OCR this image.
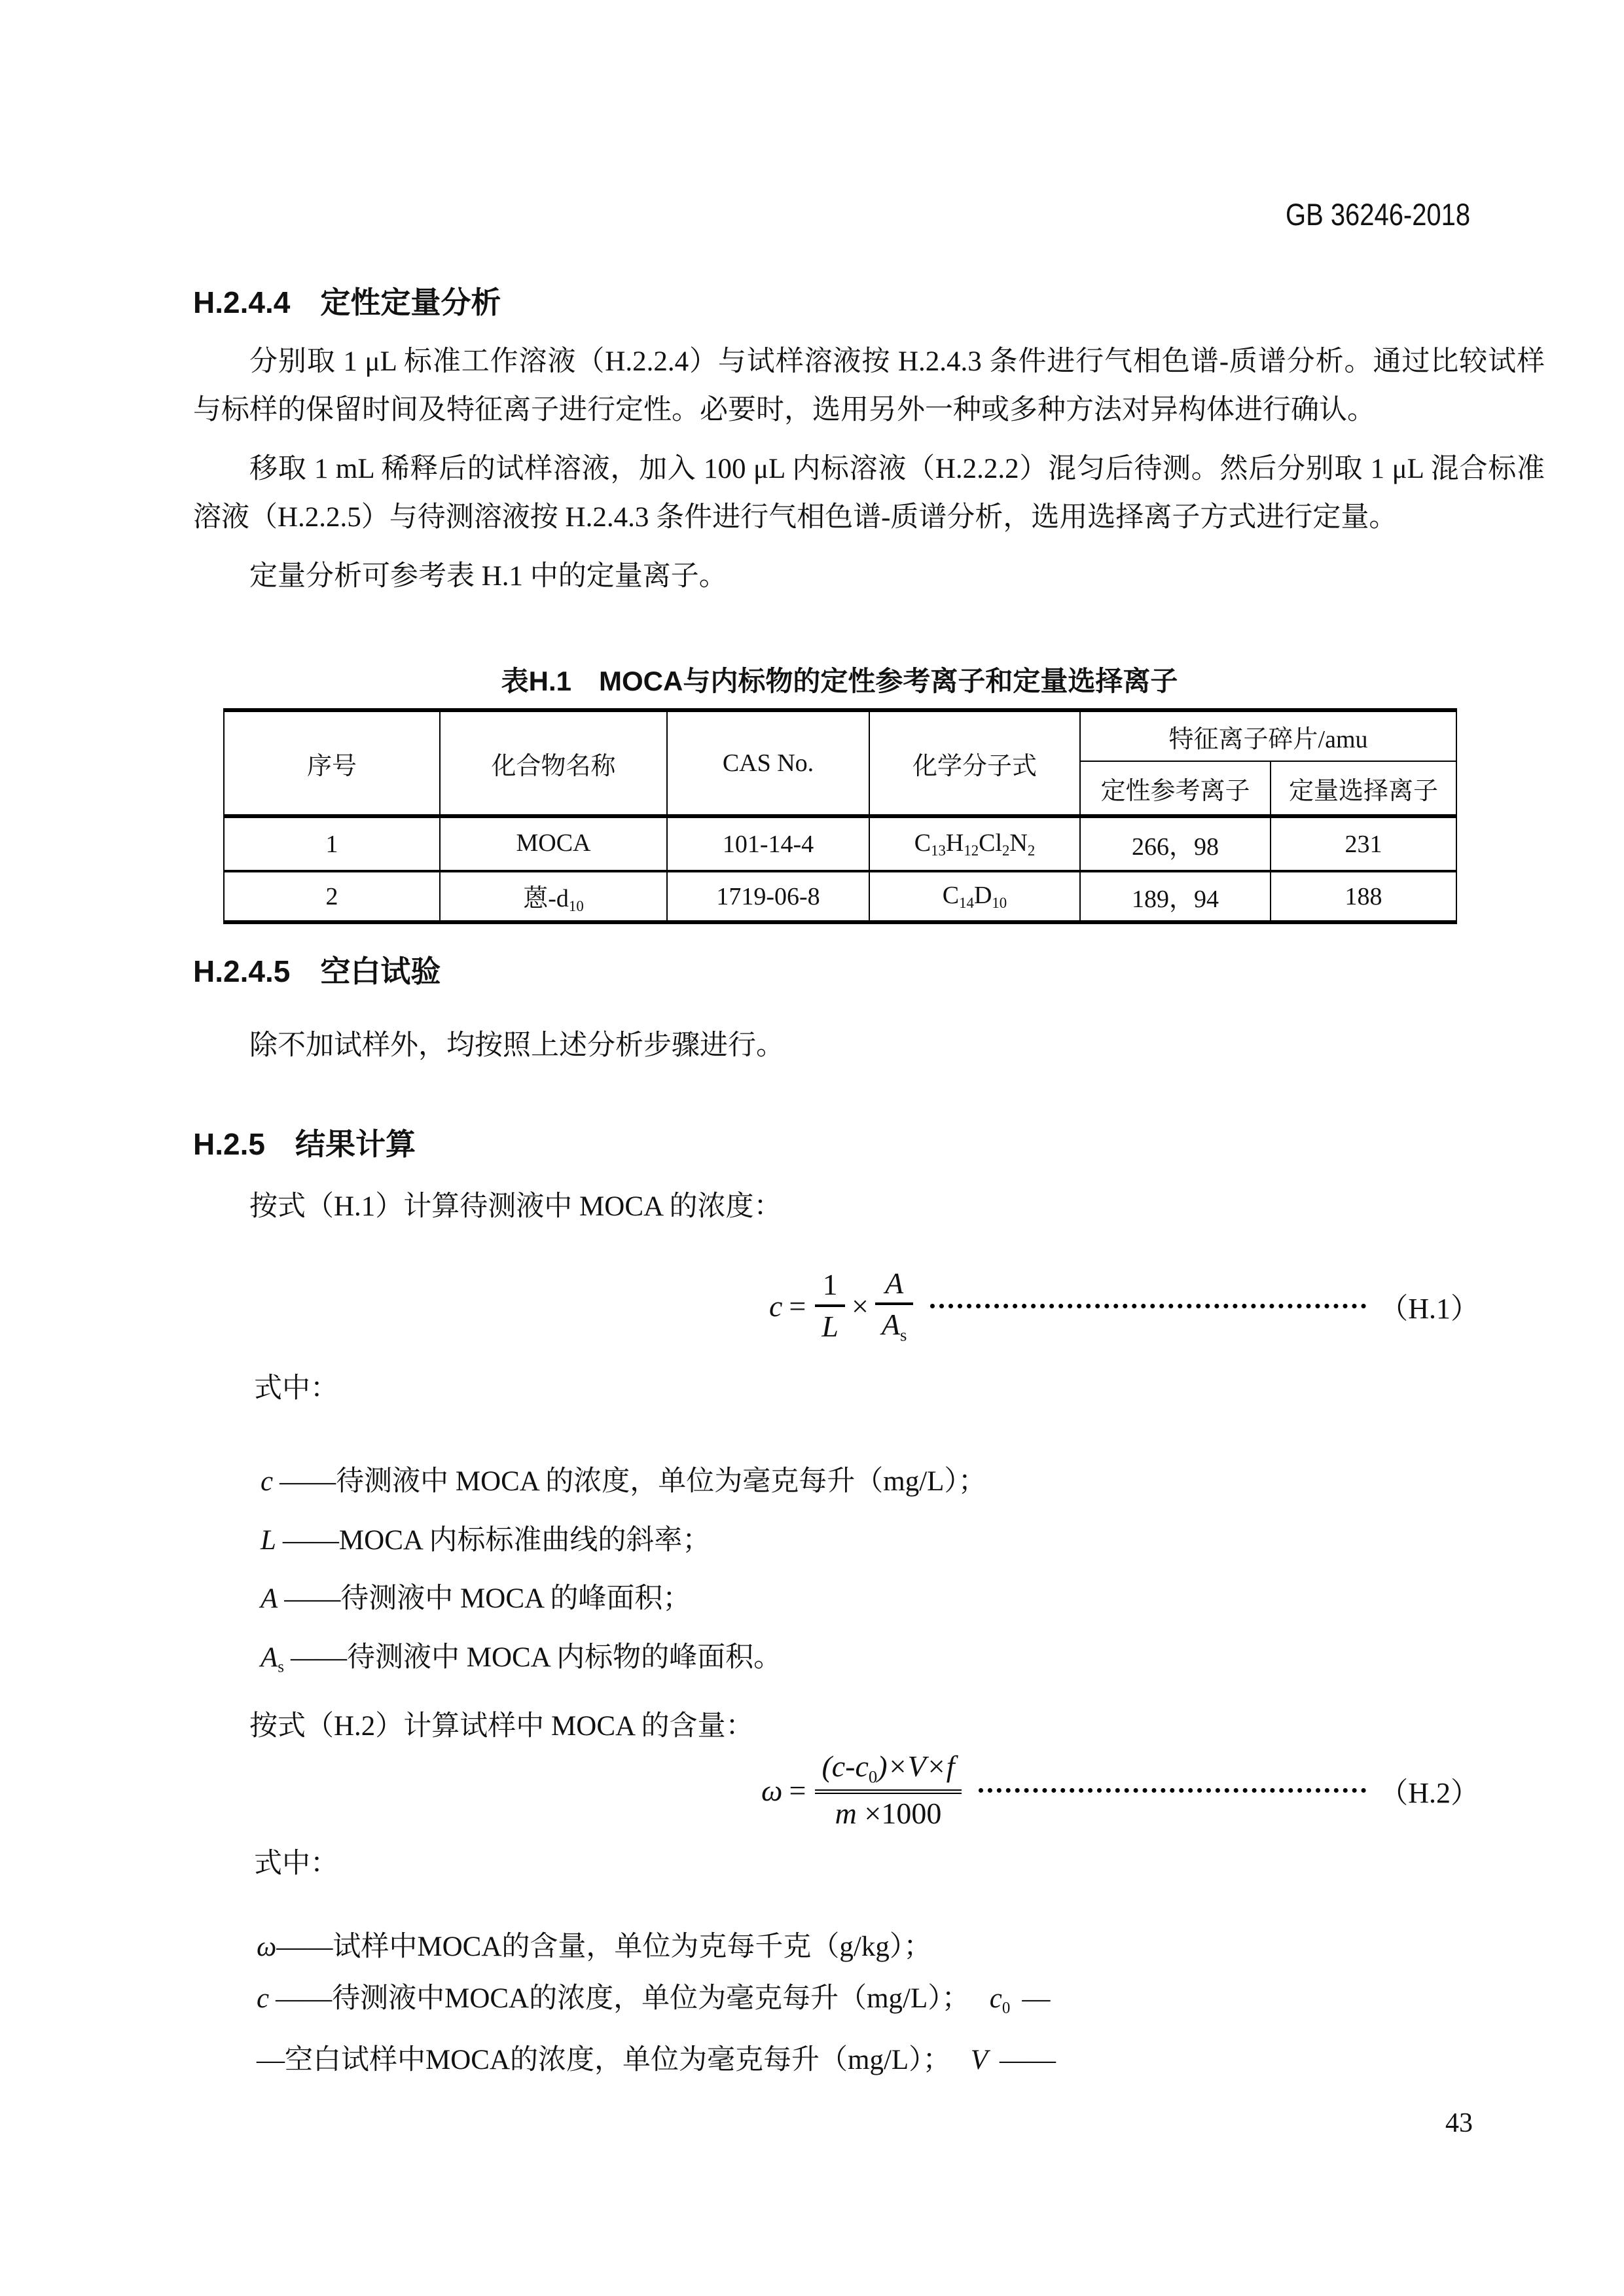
GB 36246-2018
H.2.4.4 定性定量分析

分别取 1 μL 标准工作溶液（H.2.2.4）与试样溶液按 H.2.4.3 条件进行气相色谱-质谱分析。通过比较试样与标样的保留时间及特征离子进行定性。必要时，选用另外一种或多种方法对异构体进行确认。

移取 1 mL 稀释后的试样溶液，加入 100 μL 内标溶液（H.2.2.2）混匀后待测。然后分别取 1 μL 混合标准溶液（H.2.2.5）与待测溶液按 H.2.4.3 条件进行气相色谱-质谱分析，选用选择离子方式进行定量。

定量分析可参考表 H.1 中的定量离子。

表H.1 MOCA与内标物的定性参考离子和定量选择离子
序号	化合物名称	CAS No.	化学分子式	特征离子碎片/amu	
				定性参考离子	定量选择离子
1	MOCA	101-14-4	$C_{13}H_{12}Cl_2N_2$	266，98	231
2	蒽$-d_{10}$	1719-06-8	$C_{14}D_{10}$	189，94	188
H.2.4.5 空白试验
除不加试样外，均按照上述分析步骤进行。
H.2.5 结果计算
按式（H.1）计算待测液中 MOCA 的浓度：
$c = \frac{1}{L} \times \frac{A}{A_s}$	（H.1）
式中：
c ——待测液中 MOCA 的浓度，单位为毫克每升（mg/L）；
L ——MOCA 内标标准曲线的斜率；
A ——待测液中 MOCA 的峰面积；
$A_s$ ——待测液中 MOCA 内标物的峰面积。
按式（H.2）计算试样中 MOCA 的含量：
$\omega = \frac{(c-c_0)\times V\times f}{m \times 1000}$	（H.2）
式中：
ω——试样中MOCA的含量，单位为克每千克（g/kg）；
c ——待测液中MOCA的浓度，单位为毫克每升（mg/L）； $c_0$ —
—空白试样中MOCA的浓度，单位为毫克每升（mg/L）； V ——
43
